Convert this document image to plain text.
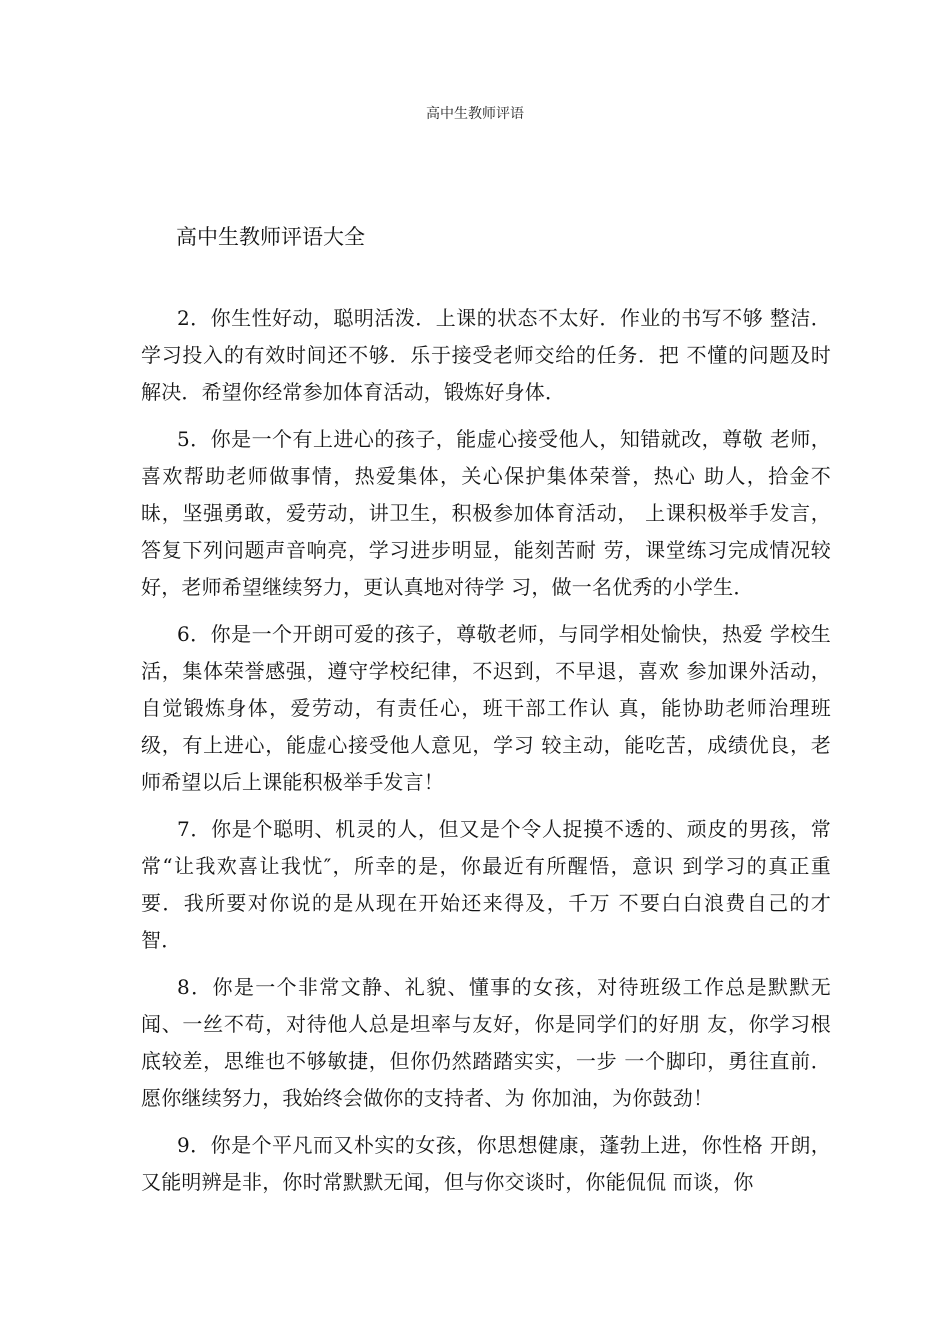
高中生教师评语
高中生教师评语大全

2．你生性好动，聪明活泼．上课的状态不太好．作业的书写不够 整洁．学习投入的有效时间还不够．乐于接受老师交给的任务．把 不懂的问题及时解决．希望你经常参加体育活动，锻炼好身体．

5．你是一个有上进心的孩子，能虚心接受他人，知错就改，尊敬 老师，喜欢帮助老师做事情，热爱集体，关心保护集体荣誉，热心 助人，拾金不昧，坚强勇敢，爱劳动，讲卫生，积极参加体育活动， 上课积极举手发言，答复下列问题声音响亮，学习进步明显，能刻苦耐 劳，课堂练习完成情况较好，老师希望继续努力，更认真地对待学 习，做一名优秀的小学生．

6．你是一个开朗可爱的孩子，尊敬老师，与同学相处愉快，热爱 学校生活，集体荣誉感强，遵守学校纪律，不迟到，不早退，喜欢 参加课外活动，自觉锻炼身体，爱劳动，有责任心，班干部工作认 真，能协助老师治理班级，有上进心，能虚心接受他人意见，学习 较主动，能吃苦，成绩优良，老师希望以后上课能积极举手发言！

7．你是个聪明、机灵的人，但又是个令人捉摸不透的、顽皮的男孩，常常“让我欢喜让我忧″，所幸的是，你最近有所醒悟，意识 到学习的真正重要．我所要对你说的是从现在开始还来得及，千万 不要白白浪费自己的才智．

8．你是一个非常文静、礼貌、懂事的女孩，对待班级工作总是默默无闻、一丝不苟，对待他人总是坦率与友好，你是同学们的好朋 友，你学习根底较差，思维也不够敏捷，但你仍然踏踏实实，一步 一个脚印，勇往直前．愿你继续努力，我始终会做你的支持者、为 你加油，为你鼓劲！

9．你是个平凡而又朴实的女孩，你思想健康，蓬勃上进，你性格 开朗，又能明辨是非，你时常默默无闻，但与你交谈时，你能侃侃 而谈，你
